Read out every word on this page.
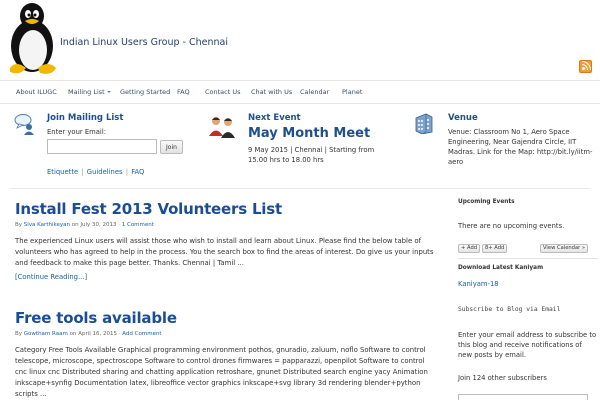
Indian Linux Users Group - Chennai
About ILUGC Mailing List	Getting Started FAQ Contact Us Chat with Us Calendar Planet
Join Mailing List
Enter your Email:
Join
Etiquette | Guidelines | FAQ
Next Event
May Month Meet
9 May 2015 | Chennai | Starting from 15.00 hrs to 18.00 hrs
Venue
Venue: Classroom No 1, Aero Space Engineering, Near Gajendra Circle, IIT Madras. Link for the Map: http://bit.ly/iitm-aero
Install Fest 2013 Volunteers List
By Siva Karthikeyan on July 30, 2013 · 1 Comment
The experienced Linux users will assist those who wish to install and learn about Linux. Please find the below table of volunteers who has agreed to help in the process. You the search box to find the areas of interest. Do give us your inputs and feedback to make this page better. Thanks. Chennai | Tamil ...
[Continue Reading...]
Free tools available
By Gowtham Raam on April 16, 2015 · Add Comment
Category Free Tools Available Graphical programming environment pothos, gnuradio, zaluum, noflo Software to control telescope, microscope, spectroscope Software to control drones firmwares = papparazzi, openpilot Software to control cnc linux cnc Distributed sharing and chatting application retroshare, gnunet Distributed search engine yacy Animation inkscape+synfig Documentation latex, libreoffice vector graphics inkscape+svg library 3d rendering blender+python scripts ...
Upcoming Events
There are no upcoming events.
+ Add	8+ Add	View Calendar »
Download Latest Kaniyam
Kaniyam-18
Subscribe to Blog via Email
Enter your email address to subscribe to this blog and receive notifications of new posts by email.
Join 124 other subscribers
